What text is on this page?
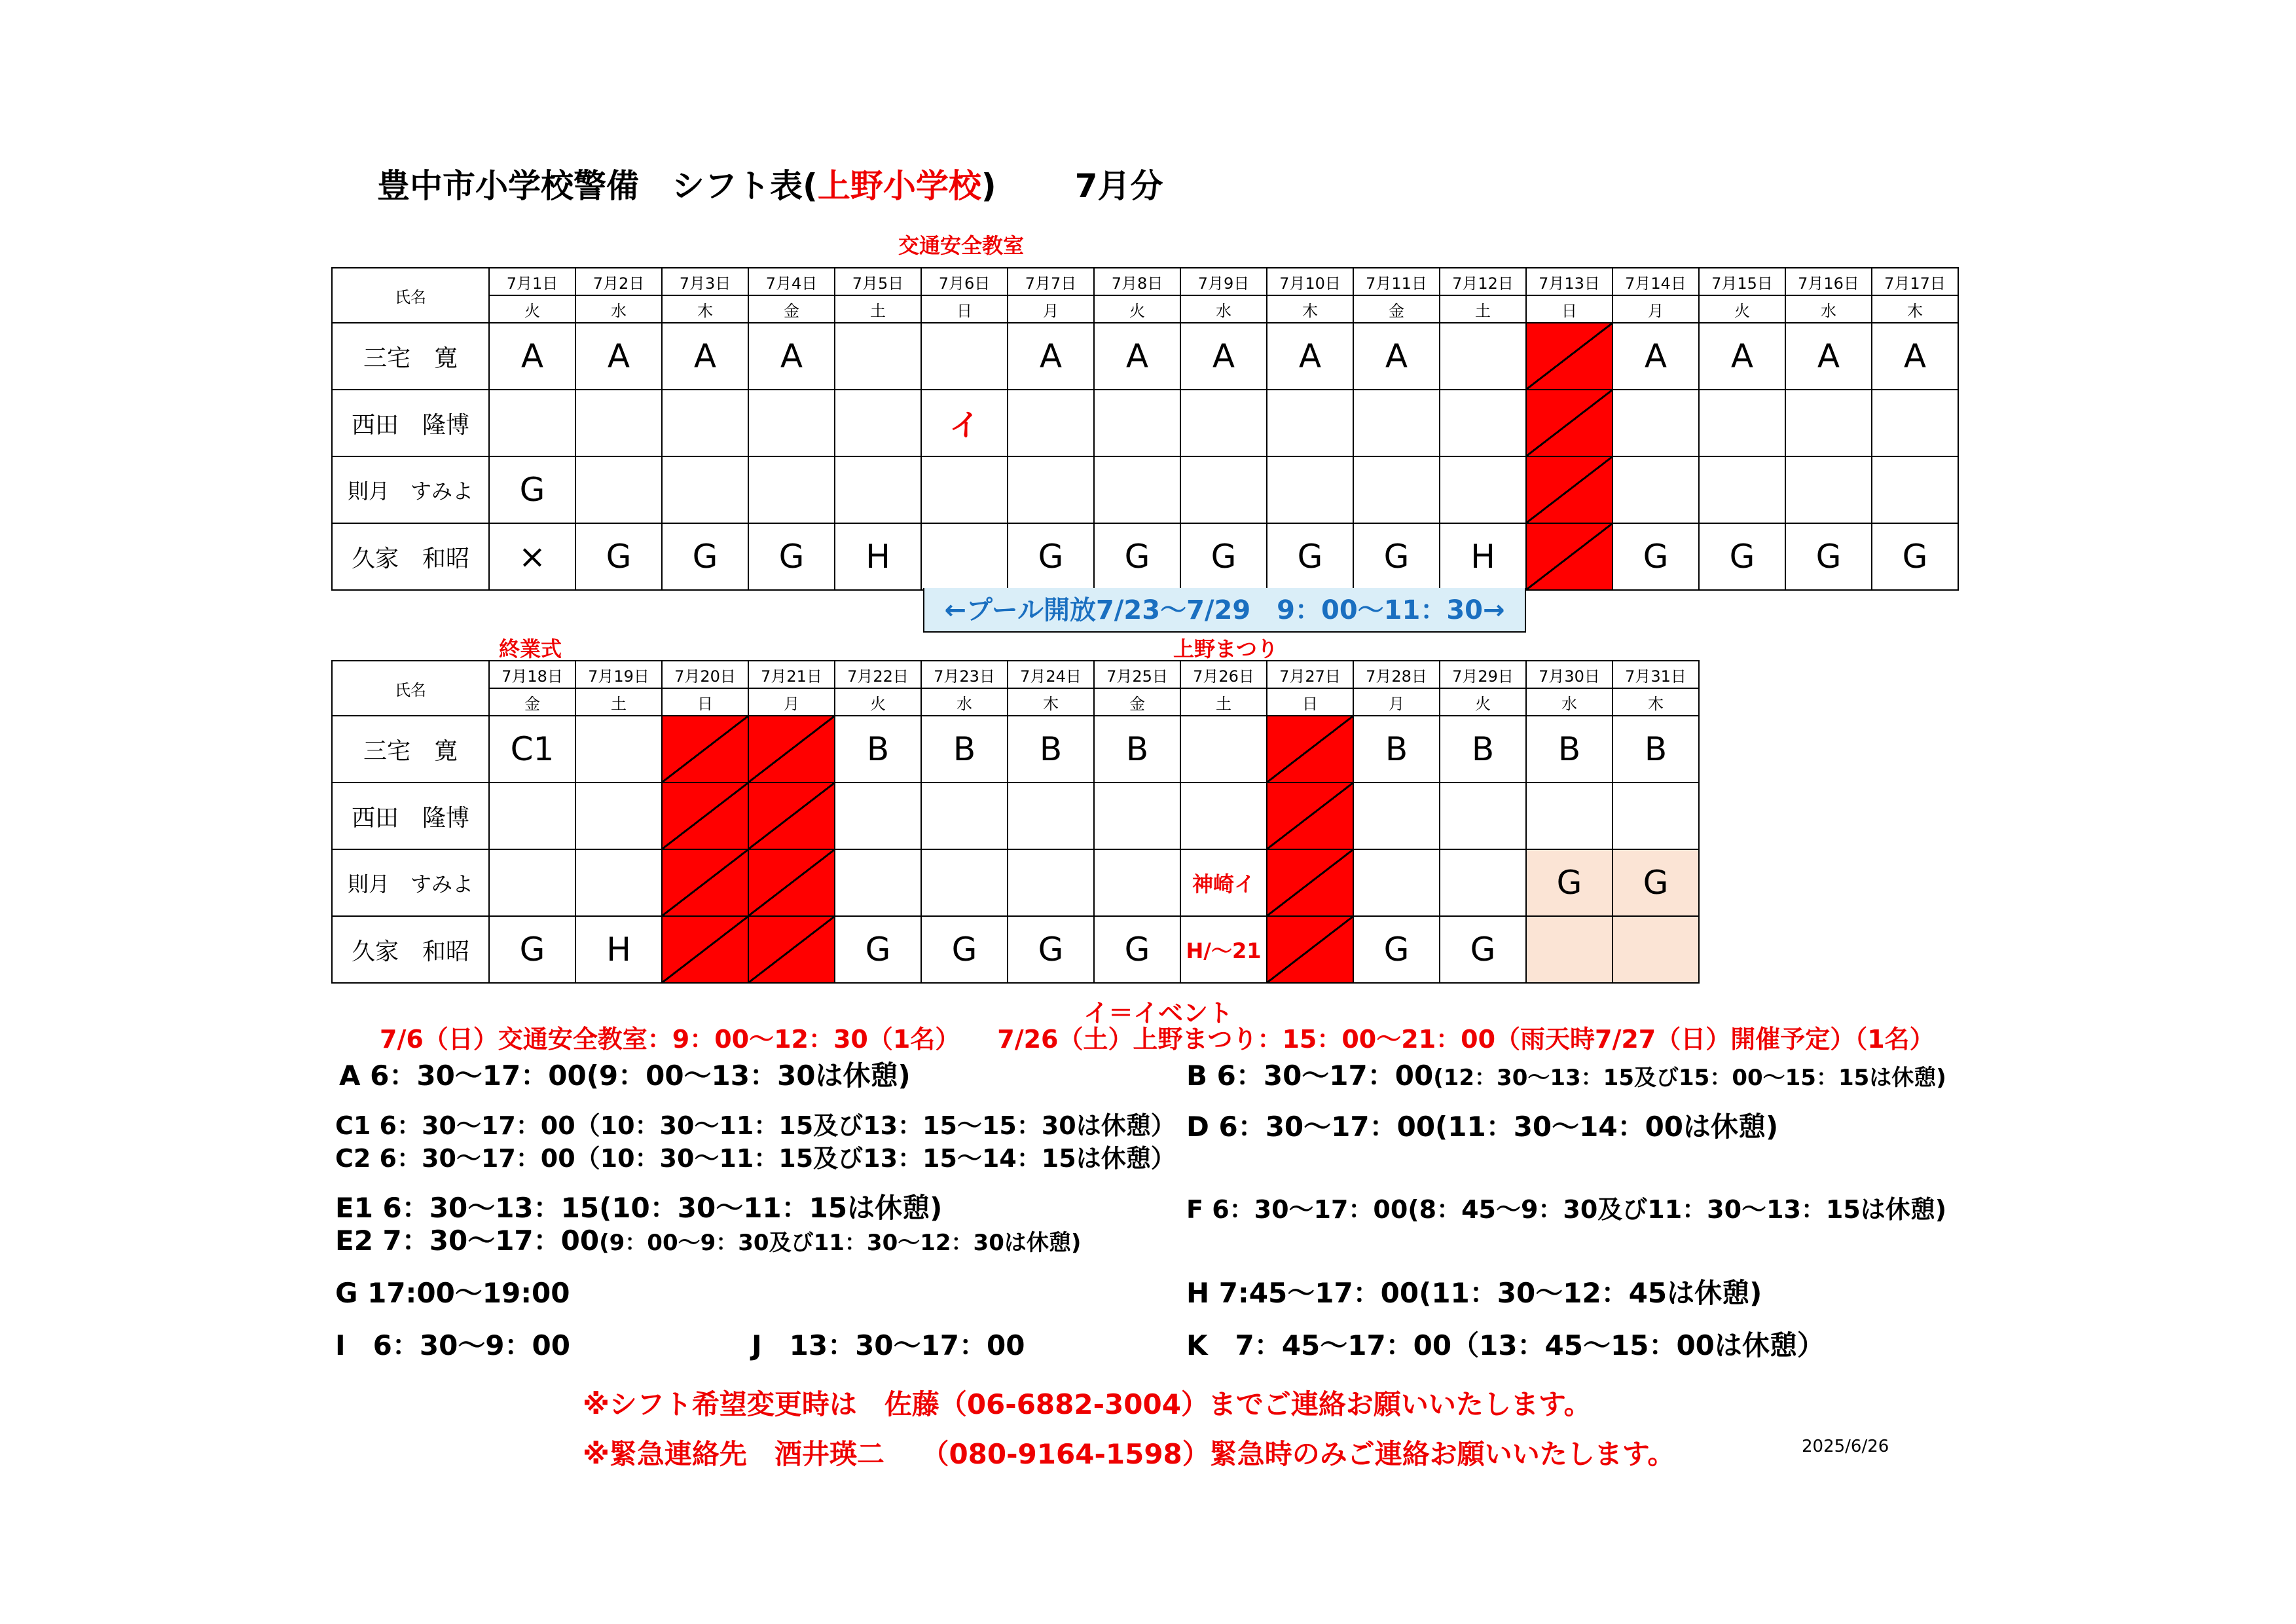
豊中市小学校警備　シフト表(上野小学校) 7月分
交通安全教室
氏名	7月1日	7月2日	7月3日	7月4日	7月5日	7月6日	7月7日	7月8日	7月9日	7月10日	7月11日	7月12日	7月13日	7月14日	7月15日	7月16日	7月17日
	火	水	木	金	土	日	月	火	水	木	金	土	日	月	火	水	木
三宅　寛	A	A	A	A			A	A	A	A	A			A	A	A	A
西田　隆博						イ											
則月　すみよ	G																
久家　和昭	×	G	G	G	H		G	G	G	G	G	H		G	G	G	G
←プール開放7/23〜7/29　9：00〜11：30→
終業式	上野まつり
氏名	7月18日	7月19日	7月20日	7月21日	7月22日	7月23日	7月24日	7月25日	7月26日	7月27日	7月28日	7月29日	7月30日	7月31日
	金	土	日	月	火	水	木	金	土	日	月	火	水	木
三宅　寛	C1				B	B	B	B			B	B	B	B
西田　隆博														
則月　すみよ									神崎イ				G	G
久家　和昭	G	H			G	G	G	G	H/〜21		G	G		
イ＝イベント
7/6（日）交通安全教室：9：00〜12：30（1名）　　7/26（土）上野まつり：15：00〜21：00（雨天時7/27（日）開催予定）（1名）
A 6：30〜17：00(9：00〜13：30は休憩)	B 6：30〜17：00(12：30〜13：15及び15：00〜15：15は休憩)
C1 6：30〜17：00（10：30〜11：15及び13：15〜15：30は休憩）
C2 6：30〜17：00（10：30〜11：15及び13：15〜14：15は休憩）
D 6：30〜17：00(11：30〜14：00は休憩)
E1 6：30〜13：15(10：30〜11：15は休憩)
E2 7：30〜17：00(9：00〜9：30及び11：30〜12：30は休憩)
F 6：30〜17：00(8：45〜9：30及び11：30〜13：15は休憩)
G 17:00〜19:00	H 7:45〜17：00(11：30〜12：45は休憩)
I　6：30〜9：00	J　13：30〜17：00	K　7：45〜17：00（13：45〜15：00は休憩）
※シフト希望変更時は　佐藤（06-6882-3004）までご連絡お願いいたします。
※緊急連絡先　酒井瑛二　 （080-9164-1598）緊急時のみご連絡お願いいたします。	2025/6/26
